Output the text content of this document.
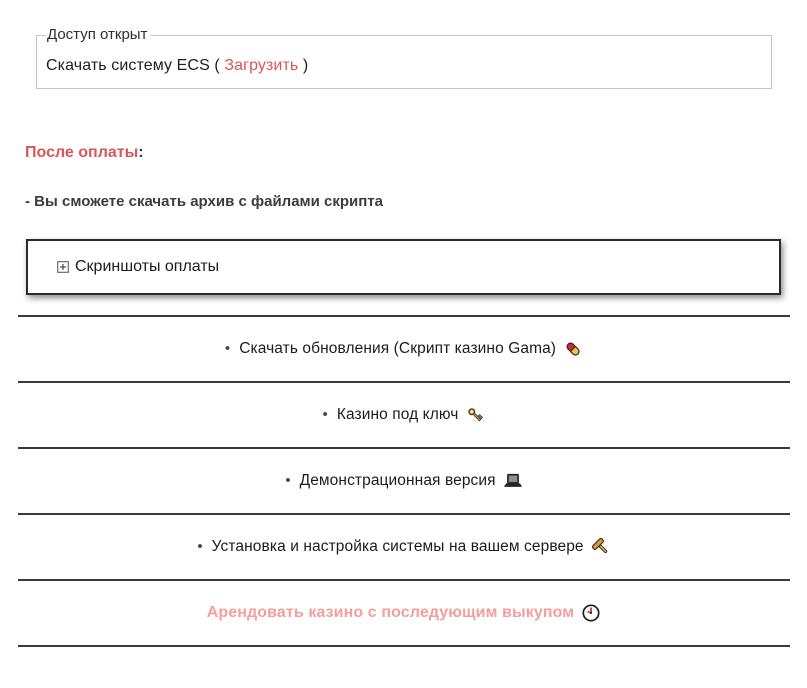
Доступ открыт
Скачать систему ECS ( Загрузить )
После оплаты:
- Вы сможете скачать архив с файлами скрипта
Скриншоты оплаты
• Скачать обновления (Скрипт казино Gama)
• Казино под ключ
• Демонстрационная версия
• Установка и настройка системы на вашем сервере
Арендовать казино с последующим выкупом
